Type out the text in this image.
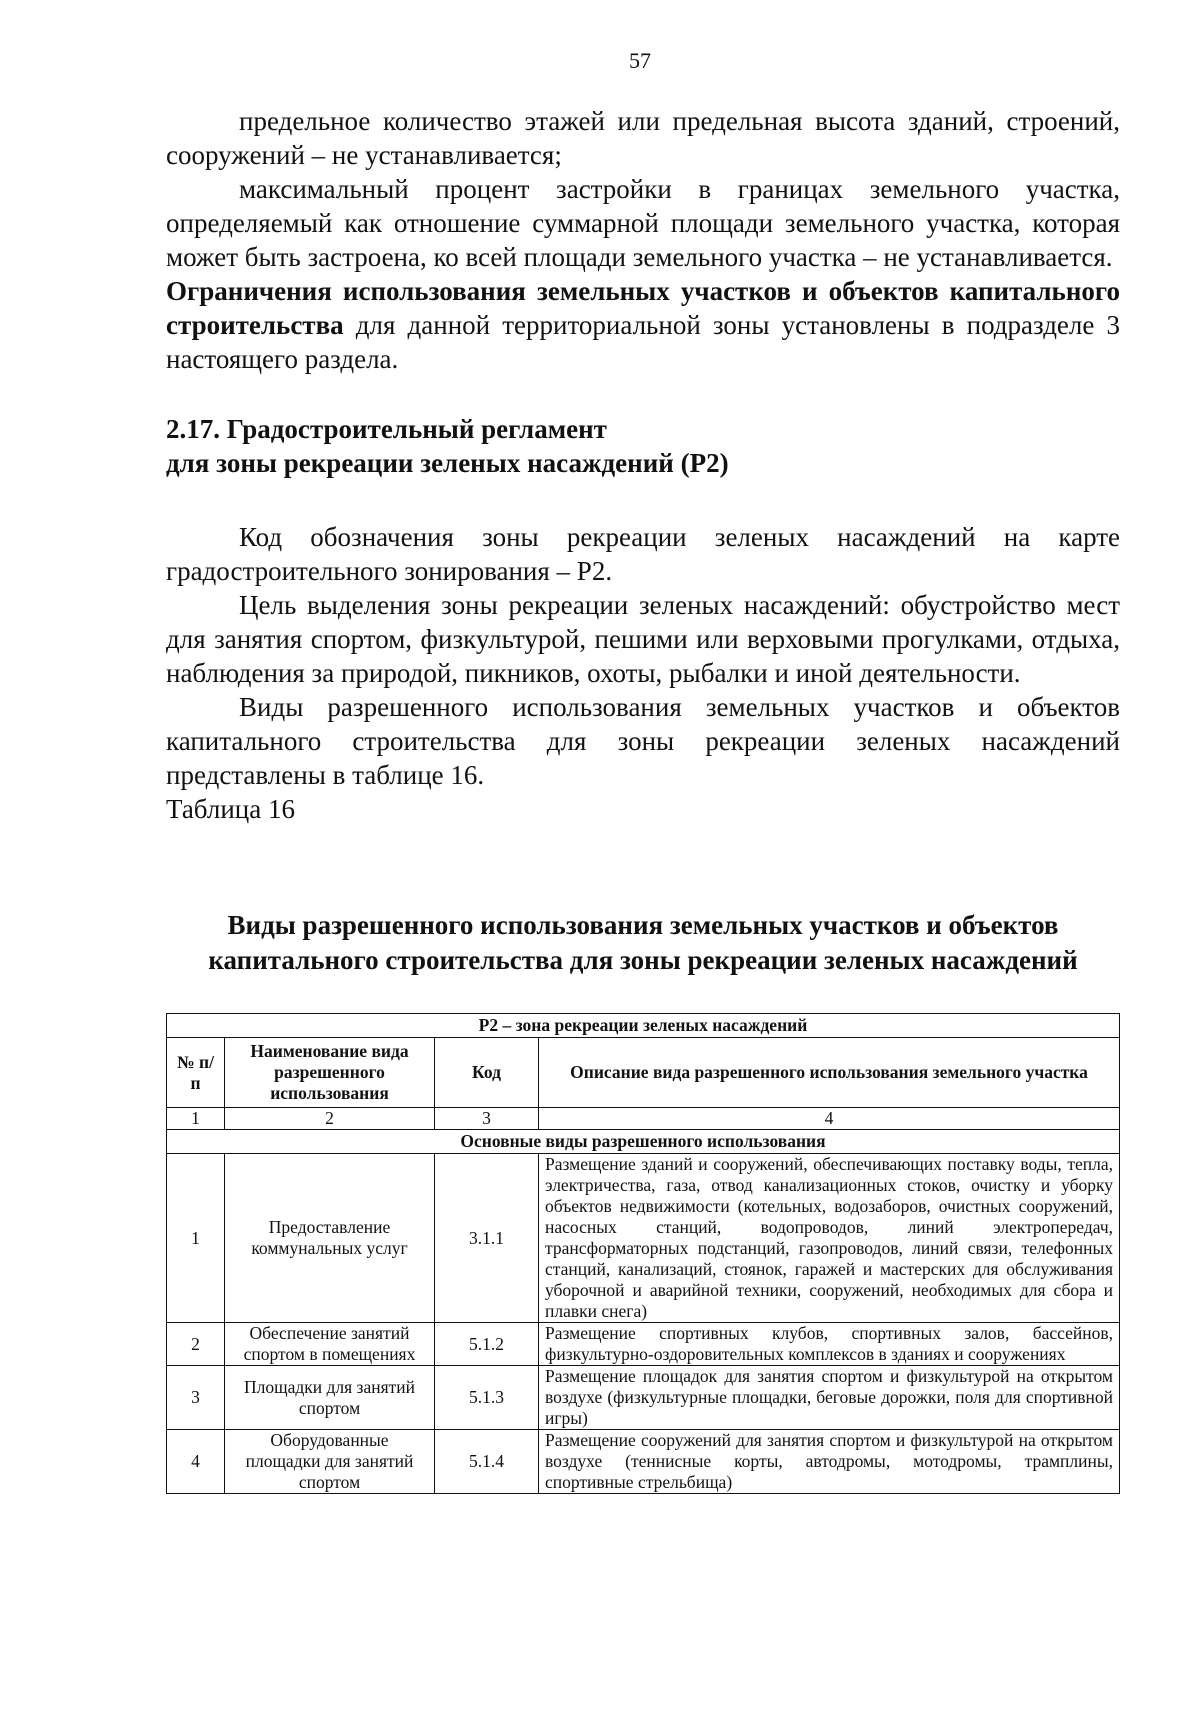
57

предельное количество этажей или предельная высота зданий, строений, сооружений – не устанавливается;

максимальный процент застройки в границах земельного участка, определяемый как отношение суммарной площади земельного участка, которая может быть застроена, ко всей площади земельного участка – не устанавливается.

Ограничения использования земельных участков и объектов капитального строительства для данной территориальной зоны установлены в подразделе 3 настоящего раздела.

2.17. Градостроительный регламент

для зоны рекреации зеленых насаждений (Р2)

Код обозначения зоны рекреации зеленых насаждений на карте градостроительного зонирования – Р2.

Цель выделения зоны рекреации зеленых насаждений: обустройство мест для занятия спортом, физкультурой, пешими или верховыми прогулками, отдыха, наблюдения за природой, пикников, охоты, рыбалки и иной деятельности.

Виды разрешенного использования земельных участков и объектов капитального строительства для зоны рекреации зеленых насаждений представлены в таблице 16.

Таблица 16

Виды разрешенного использования земельных участков и объектов
капитального строительства для зоны рекреации зеленых насаждений
Р2 – зона рекреации зеленых насаждений			
№ п/п	Наименование вида разрешенного использования	Код	Описание вида разрешенного использования земельного участка
1	2	3	4
Основные виды разрешенного использования			
1	Предоставление коммунальных услуг	3.1.1	Размещение зданий и сооружений, обеспечивающих поставку воды, тепла, электричества, газа, отвод канализационных стоков, очистку и уборку объектов недвижимости (котельных, водозаборов, очистных сооружений, насосных станций, водопроводов, линий электропередач, трансформаторных подстанций, газопроводов, линий связи, телефонных станций, канализаций, стоянок, гаражей и мастерских для обслуживания уборочной и аварийной техники, сооружений, необходимых для сбора и плавки снега)
2	Обеспечение занятий спортом в помещениях	5.1.2	Размещение спортивных клубов, спортивных залов, бассейнов, физкультурно-оздоровительных комплексов в зданиях и сооружениях
3	Площадки для занятий спортом	5.1.3	Размещение площадок для занятия спортом и физкультурой на открытом воздухе (физкультурные площадки, беговые дорожки, поля для спортивной игры)
4	Оборудованные площадки для занятий спортом	5.1.4	Размещение сооружений для занятия спортом и физкультурой на открытом воздухе (теннисные корты, автодромы, мотодромы, трамплины, спортивные стрельбища)
